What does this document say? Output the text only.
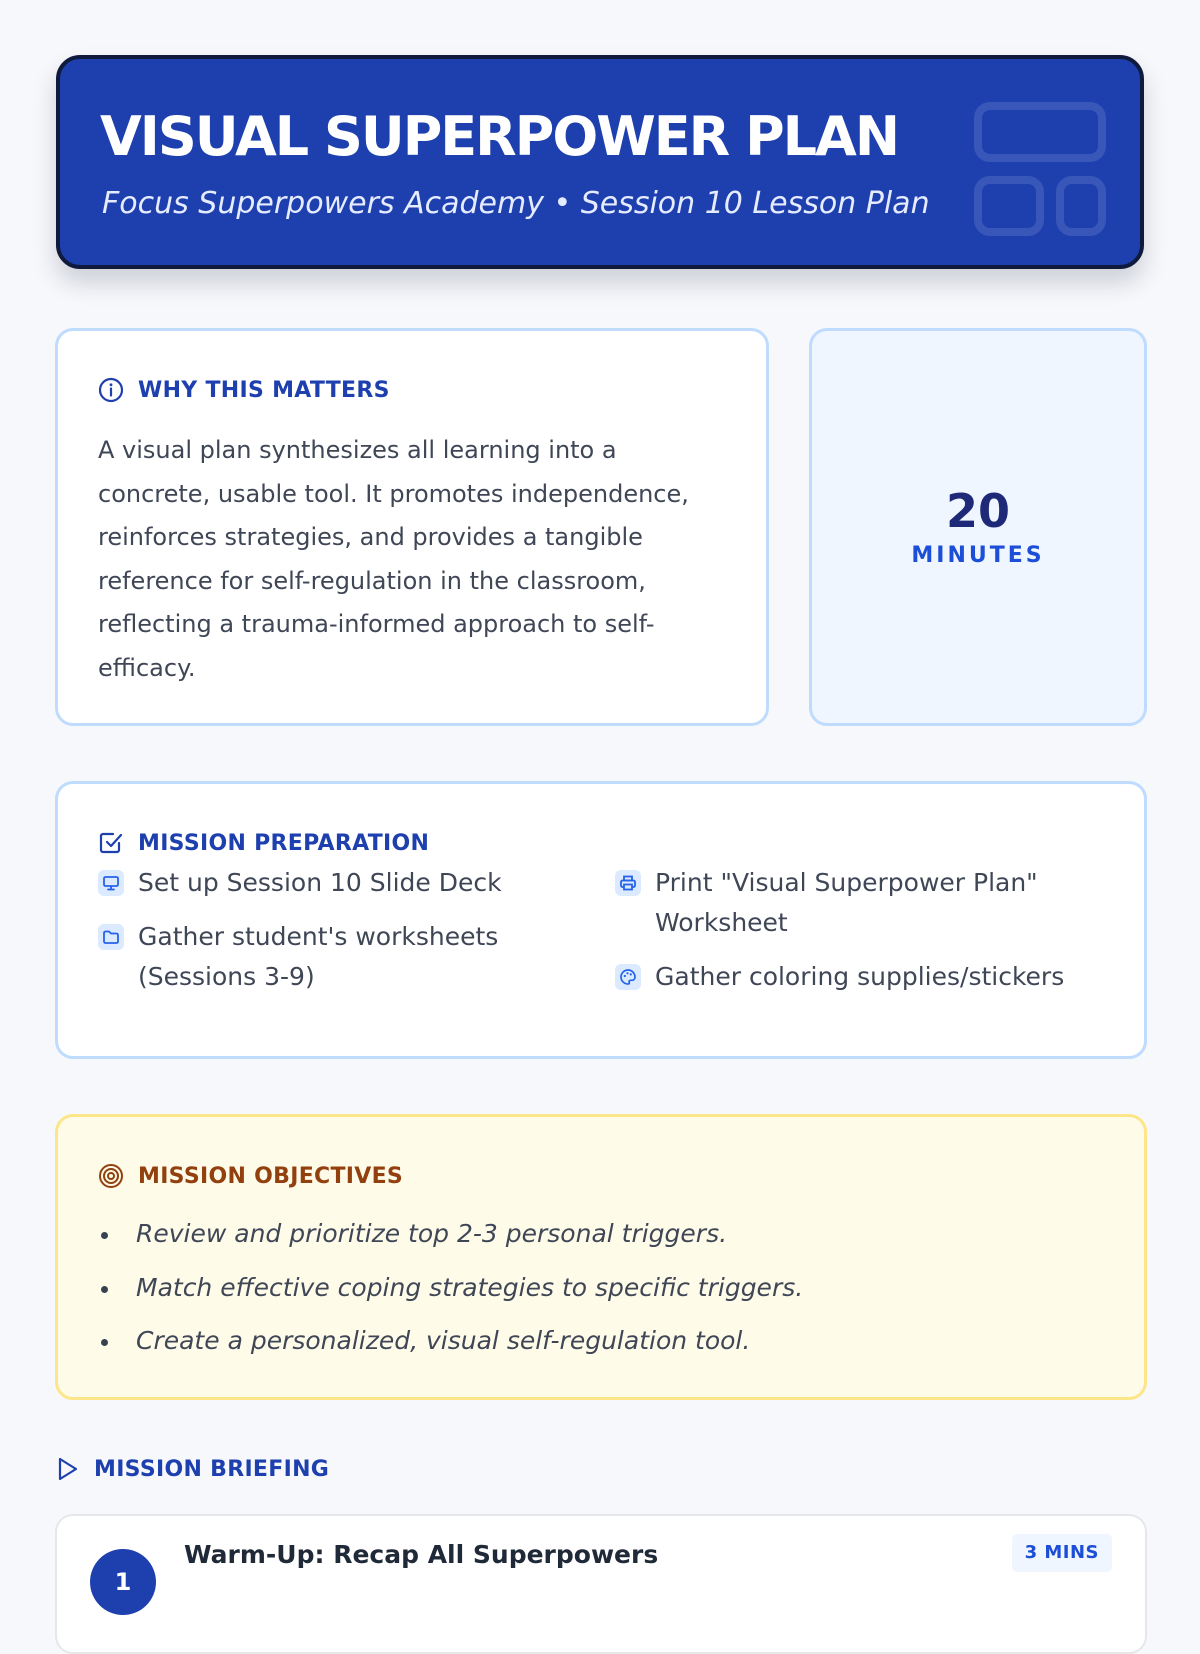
VISUAL SUPERPOWER PLAN

Focus Superpowers Academy • Session 10 Lesson Plan

WHY THIS MATTERS
A visual plan synthesizes all learning into a concrete, usable tool. It promotes independence, reinforces strategies, and provides a tangible reference for self-regulation in the classroom, reflecting a trauma-informed approach to self-efficacy.
20
MINUTES
MISSION PREPARATION
Set up Session 10 Slide Deck
Gather student's worksheets (Sessions 3-9)
Print "Visual Superpower Plan" Worksheet
Gather coloring supplies/stickers
MISSION OBJECTIVES
Review and prioritize top 2-3 personal triggers.
Match effective coping strategies to specific triggers.
Create a personalized, visual self-regulation tool.
MISSION BRIEFING
1
Warm-Up: Recap All Superpowers	3 MINS
